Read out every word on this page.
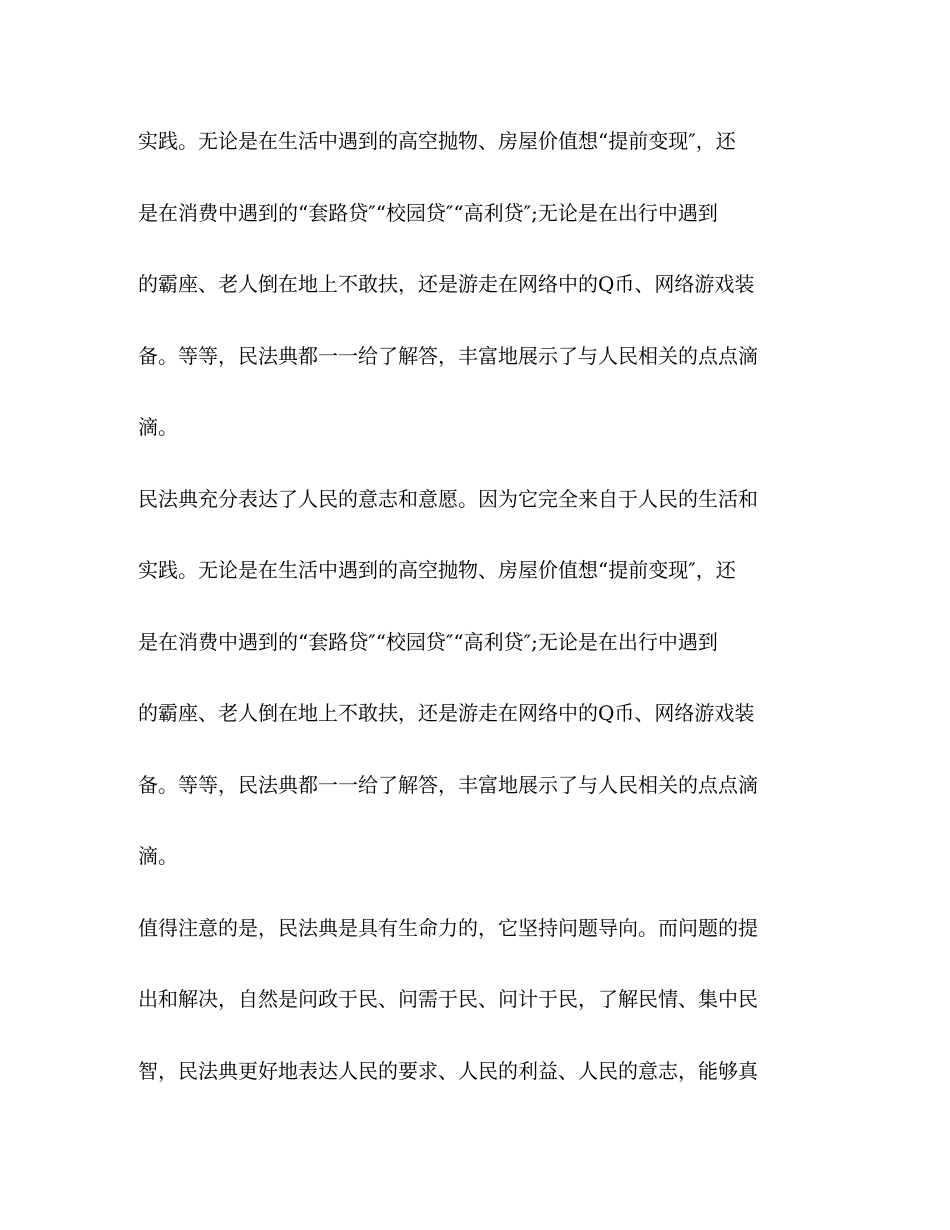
实践。无论是在生活中遇到的高空抛物、房屋价值想“提前变现″，还
是在消费中遇到的“套路贷″“校园贷″“高利贷″;无论是在出行中遇到
的霸座、老人倒在地上不敢扶，还是游走在网络中的Q币、网络游戏装
备。等等，民法典都一一给了解答，丰富地展示了与人民相关的点点滴
滴。
民法典充分表达了人民的意志和意愿。因为它完全来自于人民的生活和
实践。无论是在生活中遇到的高空抛物、房屋价值想“提前变现″，还
是在消费中遇到的“套路贷″“校园贷″“高利贷″;无论是在出行中遇到
的霸座、老人倒在地上不敢扶，还是游走在网络中的Q币、网络游戏装
备。等等，民法典都一一给了解答，丰富地展示了与人民相关的点点滴
滴。
值得注意的是，民法典是具有生命力的，它坚持问题导向。而问题的提
出和解决，自然是问政于民、问需于民、问计于民，了解民情、集中民
智，民法典更好地表达人民的要求、人民的利益、人民的意志，能够真
